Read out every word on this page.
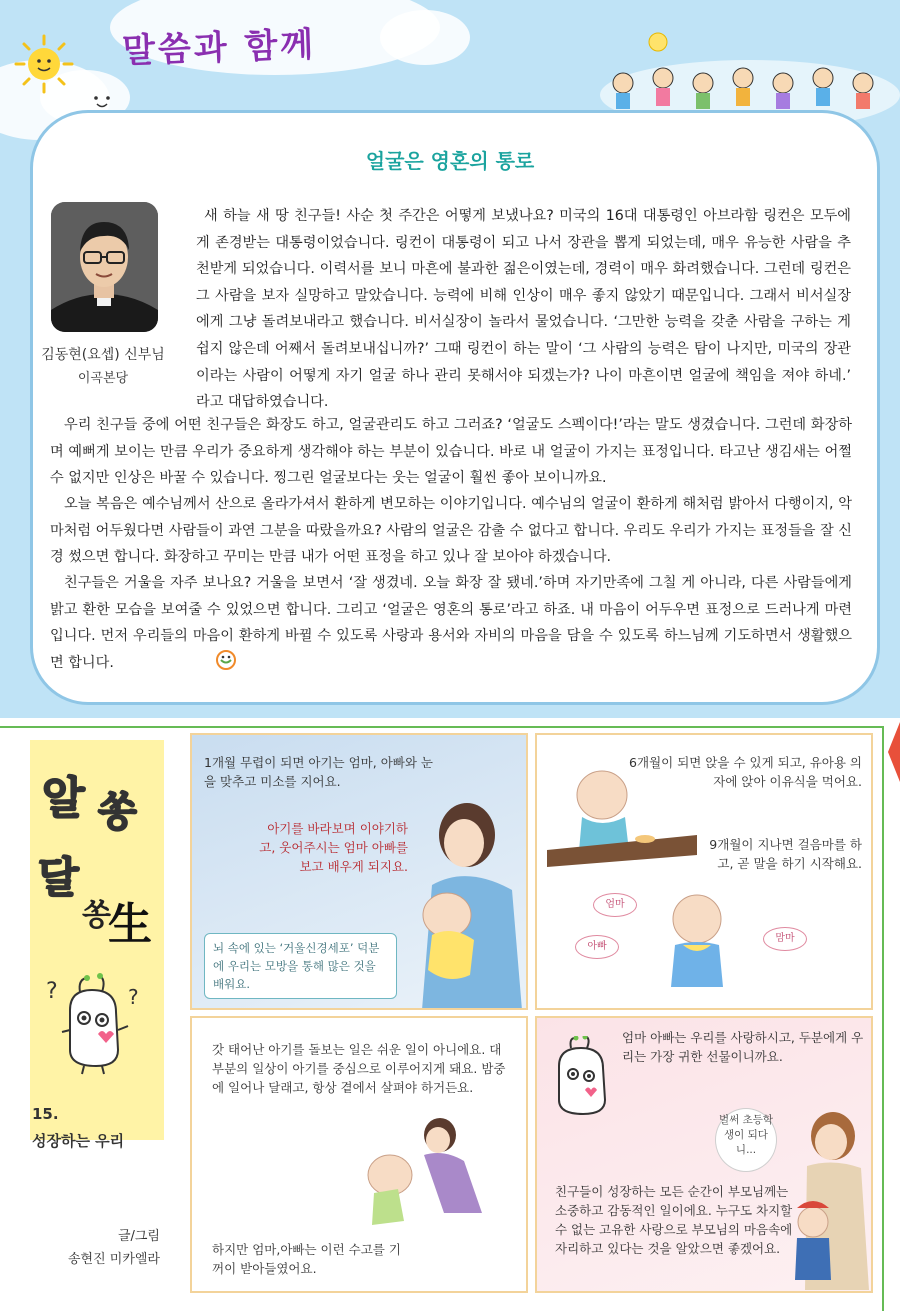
말씀과 함께
얼굴은 영혼의 통로
김동현(요셉) 신부님
이곡본당

새 하늘 새 땅 친구들! 사순 첫 주간은 어떻게 보냈나요? 미국의 16대 대통령인 아브라함 링컨은 모두에게 존경받는 대통령이었습니다. 링컨이 대통령이 되고 나서 장관을 뽑게 되었는데, 매우 유능한 사람을 추천받게 되었습니다. 이력서를 보니 마흔에 불과한 젊은이였는데, 경력이 매우 화려했습니다. 그런데 링컨은 그 사람을 보자 실망하고 말았습니다. 능력에 비해 인상이 매우 좋지 않았기 때문입니다. 그래서 비서실장에게 그냥 돌려보내라고 했습니다. 비서실장이 놀라서 물었습니다. ‘그만한 능력을 갖춘 사람을 구하는 게 쉽지 않은데 어째서 돌려보내십니까?’ 그때 링컨이 하는 말이 ‘그 사람의 능력은 탐이 나지만, 미국의 장관이라는 사람이 어떻게 자기 얼굴 하나 관리 못해서야 되겠는가? 나이 마흔이면 얼굴에 책임을 져야 하네.’ 라고 대답하였습니다.

우리 친구들 중에 어떤 친구들은 화장도 하고, 얼굴관리도 하고 그러죠? ‘얼굴도 스펙이다!’라는 말도 생겼습니다. 그런데 화장하며 예뻐게 보이는 만큼 우리가 중요하게 생각해야 하는 부분이 있습니다. 바로 내 얼굴이 가지는 표정입니다. 타고난 생김새는 어쩔 수 없지만 인상은 바꿀 수 있습니다. 찡그린 얼굴보다는 웃는 얼굴이 훨씬 좋아 보이니까요.

오늘 복음은 예수님께서 산으로 올라가셔서 환하게 변모하는 이야기입니다. 예수님의 얼굴이 환하게 해처럼 밝아서 다행이지, 악마처럼 어두웠다면 사람들이 과연 그분을 따랐을까요? 사람의 얼굴은 감출 수 없다고 합니다. 우리도 우리가 가지는 표정들을 잘 신경 썼으면 합니다. 화장하고 꾸미는 만큼 내가 어떤 표정을 하고 있나 잘 보아야 하겠습니다.

친구들은 거울을 자주 보나요? 거울을 보면서 ‘잘 생겼네. 오늘 화장 잘 됐네.’하며 자기만족에 그칠 게 아니라, 다른 사람들에게 밝고 환한 모습을 보여줄 수 있었으면 합니다. 그리고 ‘얼굴은 영혼의 통로’라고 하죠. 내 마음이 어두우면 표정으로 드러나게 마련입니다. 먼저 우리들의 마음이 환하게 바뀔 수 있도록 사랑과 용서와 자비의 마음을 담을 수 있도록 하느님께 기도하면서 생활했으면 합니다.

알 쏭
달
쏭
生
?	?
15.
성장하는 우리
글/그림
송현진 미카엘라

1개월 무렵이 되면 아기는 엄마, 아빠와 눈을 맞추고 미소를 지어요.

아기를 바라보며 이야기하고, 웃어주시는 엄마 아빠를 보고 배우게 되지요.

뇌 속에 있는 ‘거울신경세포’ 덕분에 우리는 모방을 통해 많은 것을 배워요.

6개월이 되면 앉을 수 있게 되고, 유아용 의자에 앉아 이유식을 먹어요.

9개월이 지나면 걸음마를 하고, 곧 말을 하기 시작해요.

엄마
아빠
맘마

갓 태어난 아기를 돌보는 일은 쉬운 일이 아니에요. 대부분의 일상이 아기를 중심으로 이루어지게 돼요. 밤중에 일어나 달래고, 항상 곁에서 살펴야 하거든요.

하지만 엄마,아빠는 이런 수고를 기꺼이 받아들였어요.

엄마 아빠는 우리를 사랑하시고, 두분에게 우리는 가장 귀한 선물이니까요.

벌써 초등학생이 되다니...

친구들이 성장하는 모든 순간이 부모님께는 소중하고 감동적인 일이에요. 누구도 차지할 수 없는 고유한 사랑으로 부모님의 마음속에 자리하고 있다는 것을 알았으면 좋겠어요.
